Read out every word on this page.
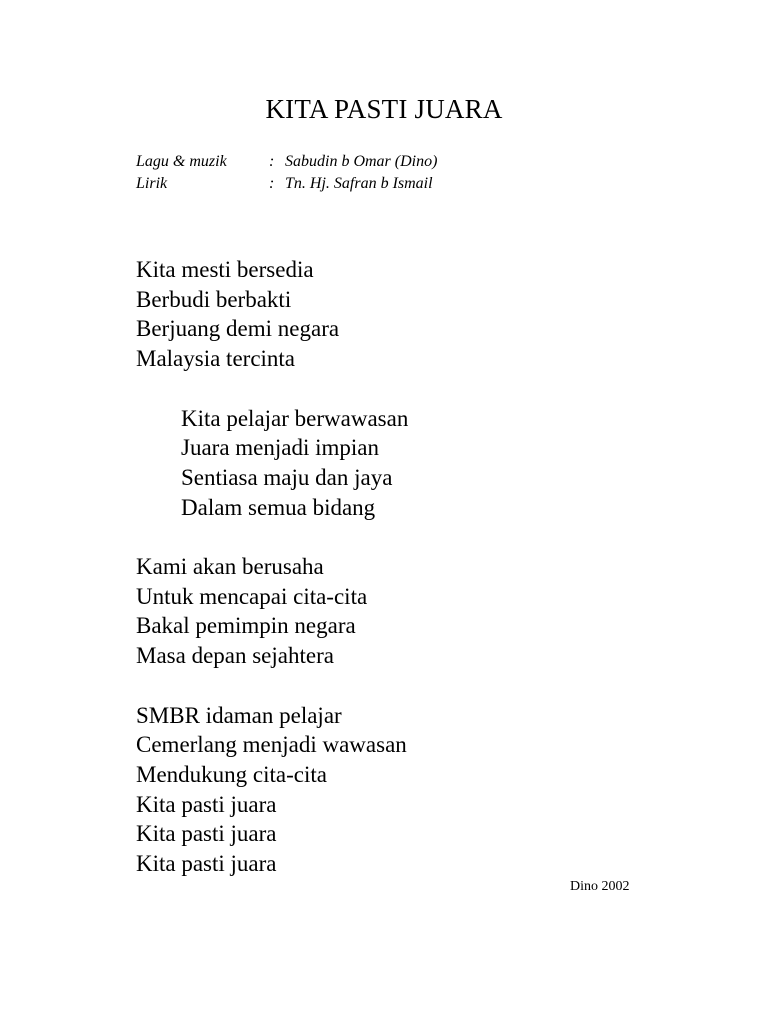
KITA PASTI JUARA
Lagu & muzik	: Sabudin b Omar (Dino)
Lirik	: Tn. Hj. Safran b Ismail
Kita mesti bersedia
Berbudi berbakti
Berjuang demi negara
Malaysia tercinta
Kita pelajar berwawasan
Juara menjadi impian
Sentiasa maju dan jaya
Dalam semua bidang
Kami akan berusaha
Untuk mencapai cita-cita
Bakal pemimpin negara
Masa depan sejahtera
SMBR idaman pelajar
Cemerlang menjadi wawasan
Mendukung cita-cita
Kita pasti juara
Kita pasti juara
Kita pasti juara
Dino 2002
